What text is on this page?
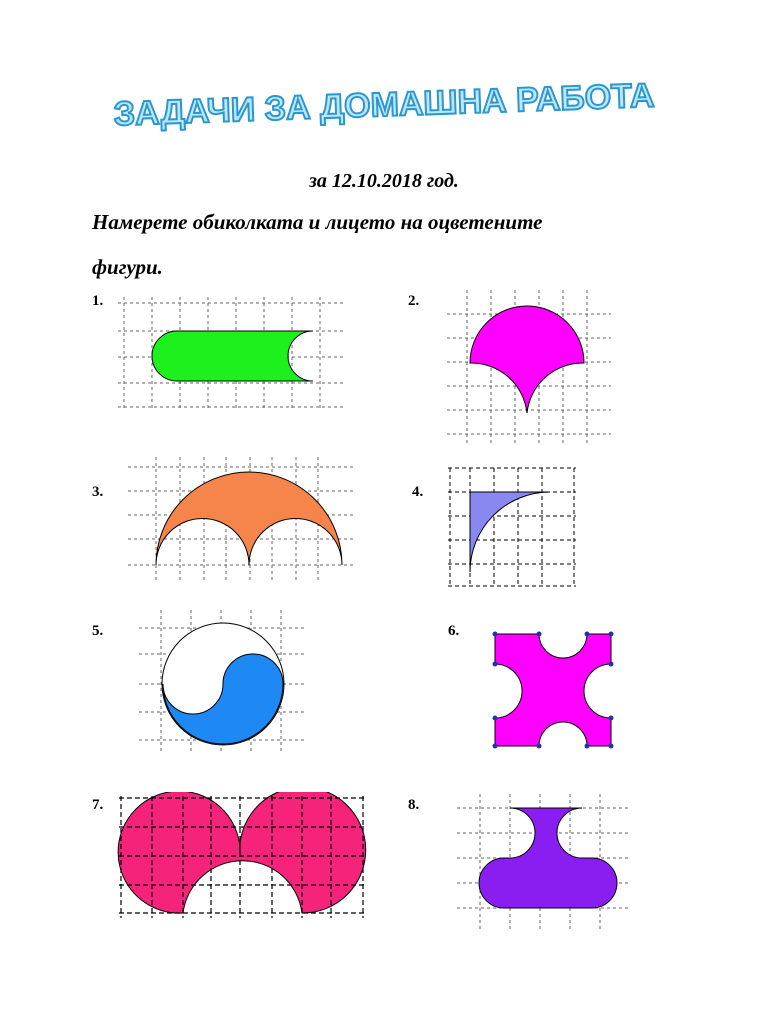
ЗАДАЧИ ЗА ДОМАШНА РАБОТА
за 12.10.2018 год.
Намерете обиколката и лицето на оцветените
фигури.
1.	2.
3.	4.
5.	6.
7.	8.
